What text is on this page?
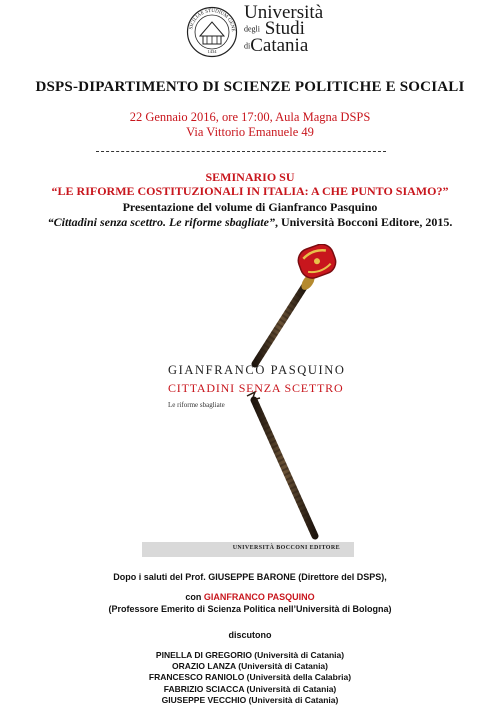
SICILIAE STUDIUM GENE
1434
Università
degli Studi
diCatania
DSPS-DIPARTIMENTO DI SCIENZE POLITICHE E SOCIALI
22 Gennaio 2016, ore 17:00, Aula Magna DSPS
Via Vittorio Emanuele 49
SEMINARIO SU
“LE RIFORME COSTITUZIONALI IN ITALIA: A CHE PUNTO SIAMO?”
Presentazione del volume di Gianfranco Pasquino
“Cittadini senza scettro. Le riforme sbagliate”, Università Bocconi Editore, 2015.
GIANFRANCO PASQUINO
CITTADINI SENZA SCETTRO
Le riforme sbagliate
UNIVERSITÀ BOCCONI EDITORE
Dopo i saluti del Prof. GIUSEPPE BARONE (Direttore del DSPS),
con GIANFRANCO PASQUINO
(Professore Emerito di Scienza Politica nell’Università di Bologna)
discutono
PINELLA DI GREGORIO (Università di Catania)
ORAZIO LANZA (Università di Catania)
FRANCESCO RANIOLO (Università della Calabria)
FABRIZIO SCIACCA (Università di Catania)
GIUSEPPE VECCHIO (Università di Catania)
